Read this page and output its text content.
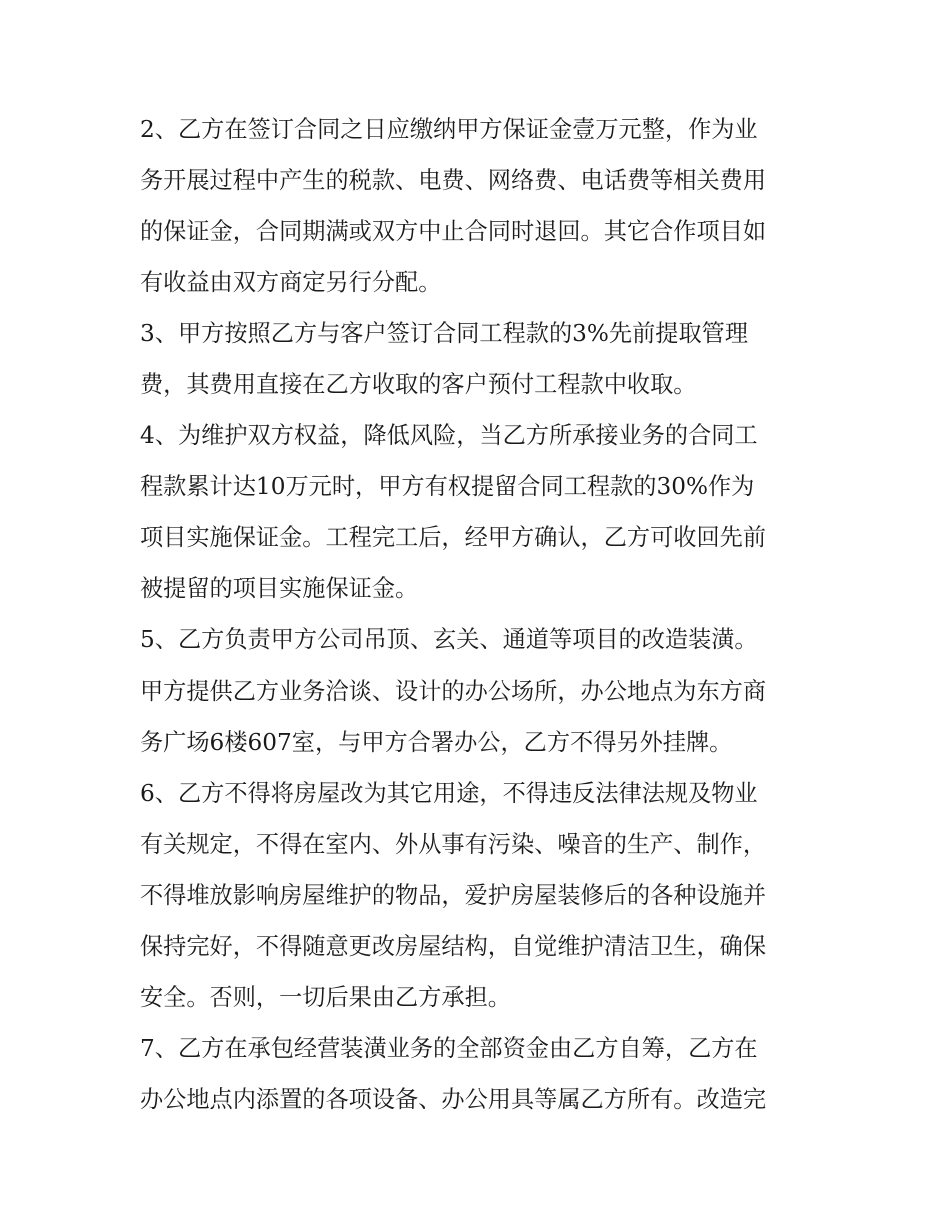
2、乙方在签订合同之日应缴纳甲方保证金壹万元整，作为业
务开展过程中产生的税款、电费、网络费、电话费等相关费用
的保证金，合同期满或双方中止合同时退回。其它合作项目如
有收益由双方商定另行分配。
3、甲方按照乙方与客户签订合同工程款的3%先前提取管理
费，其费用直接在乙方收取的客户预付工程款中收取。
4、为维护双方权益，降低风险，当乙方所承接业务的合同工
程款累计达10万元时，甲方有权提留合同工程款的30%作为
项目实施保证金。工程完工后，经甲方确认，乙方可收回先前
被提留的项目实施保证金。
5、乙方负责甲方公司吊顶、玄关、通道等项目的改造装潢。
甲方提供乙方业务洽谈、设计的办公场所，办公地点为东方商
务广场6楼607室，与甲方合署办公，乙方不得另外挂牌。
6、乙方不得将房屋改为其它用途，不得违反法律法规及物业
有关规定，不得在室内、外从事有污染、噪音的生产、制作，
不得堆放影响房屋维护的物品，爱护房屋装修后的各种设施并
保持完好，不得随意更改房屋结构，自觉维护清洁卫生，确保
安全。否则，一切后果由乙方承担。
7、乙方在承包经营装潢业务的全部资金由乙方自筹，乙方在
办公地点内添置的各项设备、办公用具等属乙方所有。改造完
